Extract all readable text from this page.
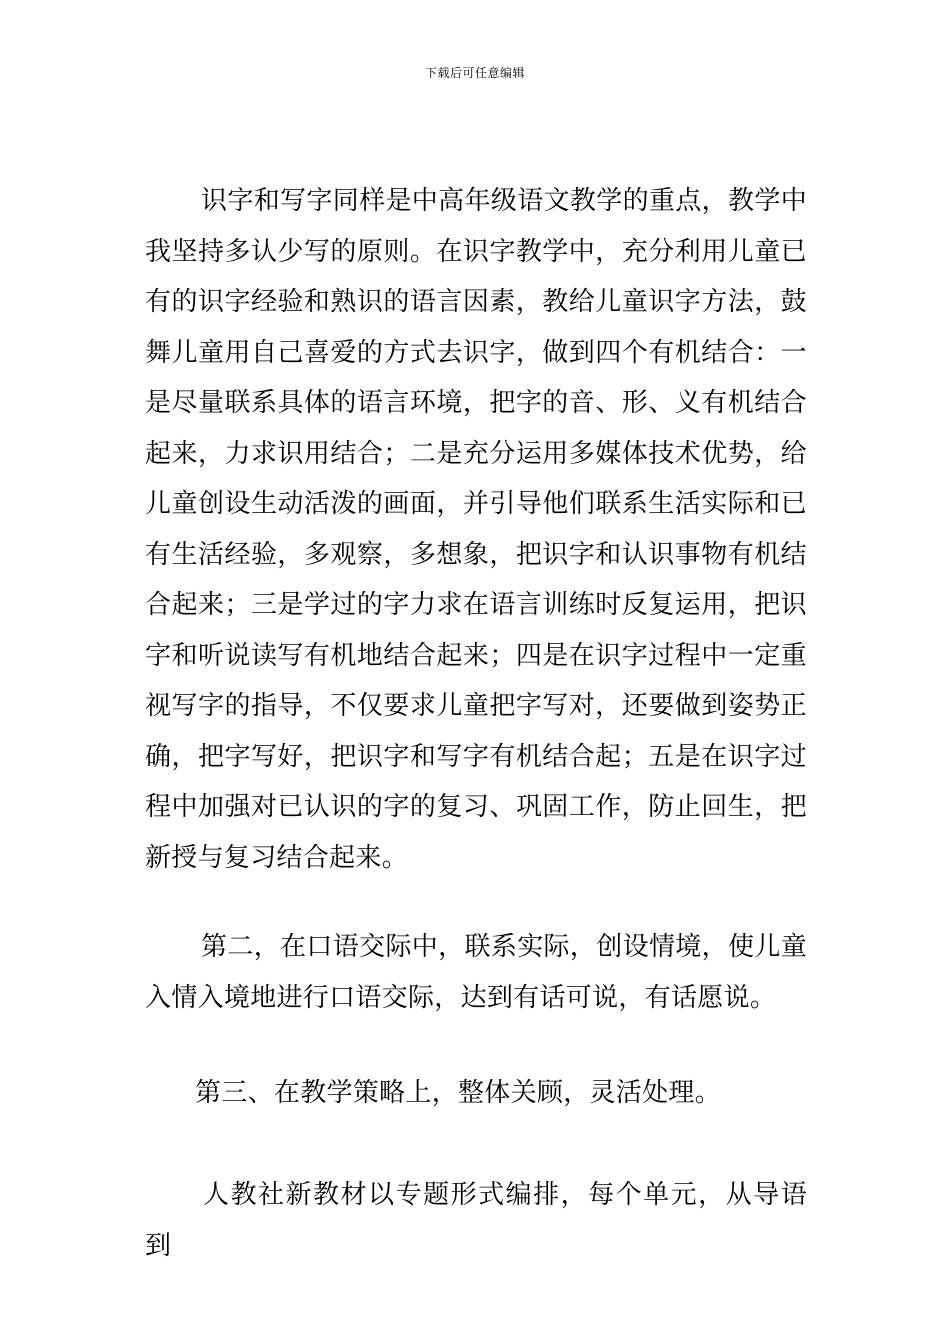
下载后可任意编辑

识字和写字同样是中高年级语文教学的重点，教学中我坚持多认少写的原则。在识字教学中，充分利用儿童已有的识字经验和熟识的语言因素，教给儿童识字方法，鼓舞儿童用自己喜爱的方式去识字，做到四个有机结合：一是尽量联系具体的语言环境，把字的音、形、义有机结合起来，力求识用结合；二是充分运用多媒体技术优势，给儿童创设生动活泼的画面，并引导他们联系生活实际和已有生活经验，多观察，多想象，把识字和认识事物有机结合起来；三是学过的字力求在语言训练时反复运用，把识字和听说读写有机地结合起来；四是在识字过程中一定重视写字的指导，不仅要求儿童把字写对，还要做到姿势正确，把字写好，把识字和写字有机结合起；五是在识字过程中加强对已认识的字的复习、巩固工作，防止回生，把新授与复习结合起来。

第二，在口语交际中，联系实际，创设情境，使儿童入情入境地进行口语交际，达到有话可说，有话愿说。

第三、在教学策略上，整体关顾，灵活处理。

人教社新教材以专题形式编排，每个单元，从导语到
